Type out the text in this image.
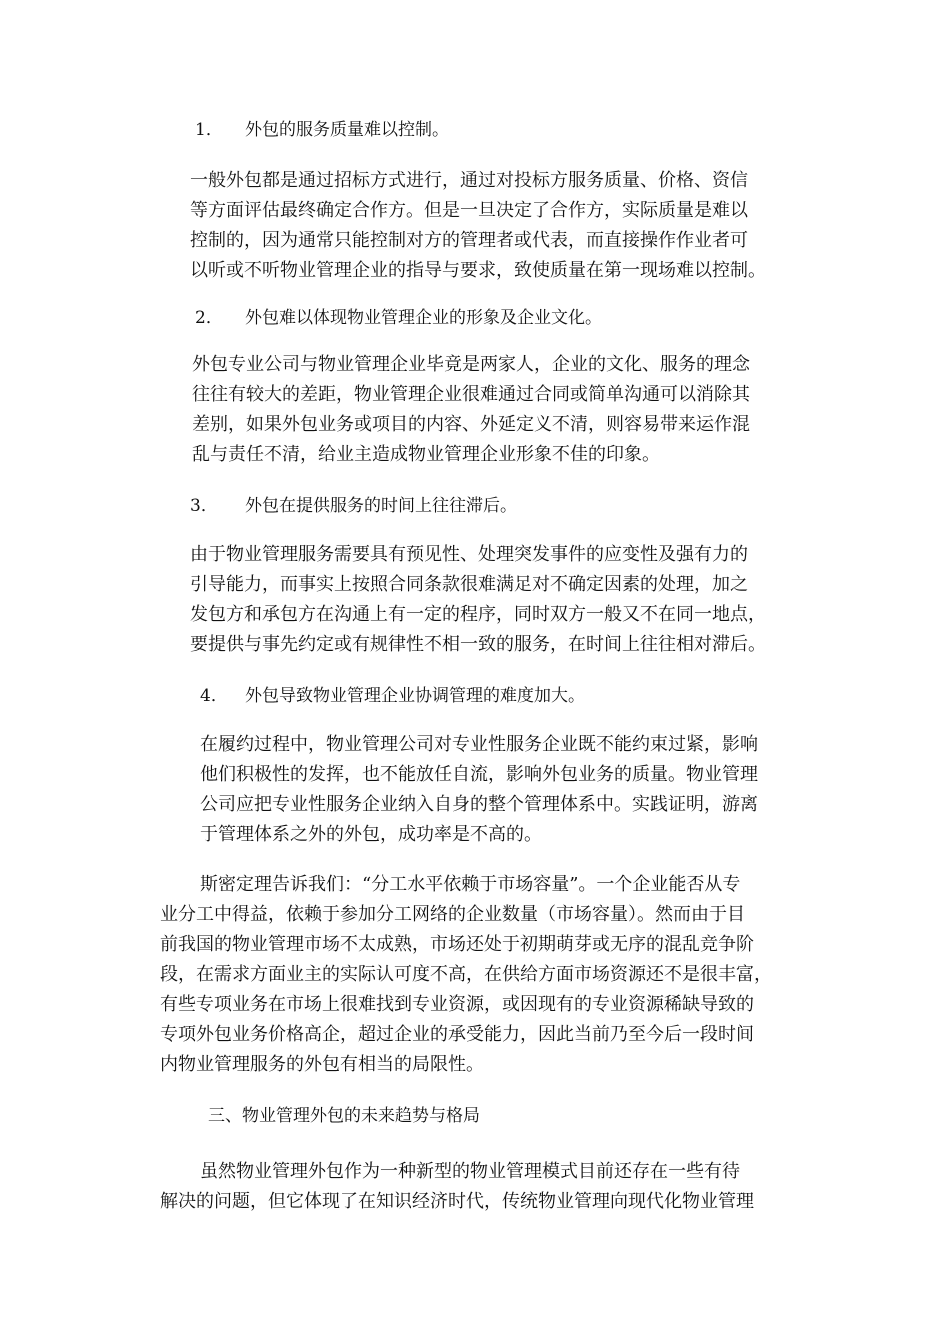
1． 外包的服务质量难以控制。
一般外包都是通过招标方式进行，通过对投标方服务质量、价格、资信
等方面评估最终确定合作方。但是一旦决定了合作方，实际质量是难以
控制的，因为通常只能控制对方的管理者或代表，而直接操作作业者可
以听或不听物业管理企业的指导与要求，致使质量在第一现场难以控制。
2． 外包难以体现物业管理企业的形象及企业文化。
外包专业公司与物业管理企业毕竟是两家人，企业的文化、服务的理念
往往有较大的差距，物业管理企业很难通过合同或简单沟通可以消除其
差别，如果外包业务或项目的内容、外延定义不清，则容易带来运作混
乱与责任不清，给业主造成物业管理企业形象不佳的印象。
3． 外包在提供服务的时间上往往滞后。
由于物业管理服务需要具有预见性、处理突发事件的应变性及强有力的
引导能力，而事实上按照合同条款很难满足对不确定因素的处理，加之
发包方和承包方在沟通上有一定的程序，同时双方一般又不在同一地点，
要提供与事先约定或有规律性不相一致的服务，在时间上往往相对滞后。
4． 外包导致物业管理企业协调管理的难度加大。
在履约过程中，物业管理公司对专业性服务企业既不能约束过紧，影响
他们积极性的发挥，也不能放任自流，影响外包业务的质量。物业管理
公司应把专业性服务企业纳入自身的整个管理体系中。实践证明，游离
于管理体系之外的外包，成功率是不高的。
斯密定理告诉我们：“分工水平依赖于市场容量”。一个企业能否从专
业分工中得益，依赖于参加分工网络的企业数量（市场容量）。然而由于目
前我国的物业管理市场不太成熟，市场还处于初期萌芽或无序的混乱竞争阶
段，在需求方面业主的实际认可度不高，在供给方面市场资源还不是很丰富，
有些专项业务在市场上很难找到专业资源，或因现有的专业资源稀缺导致的
专项外包业务价格高企，超过企业的承受能力，因此当前乃至今后一段时间
内物业管理服务的外包有相当的局限性。
三、物业管理外包的未来趋势与格局
虽然物业管理外包作为一种新型的物业管理模式目前还存在一些有待
解决的问题，但它体现了在知识经济时代，传统物业管理向现代化物业管理
